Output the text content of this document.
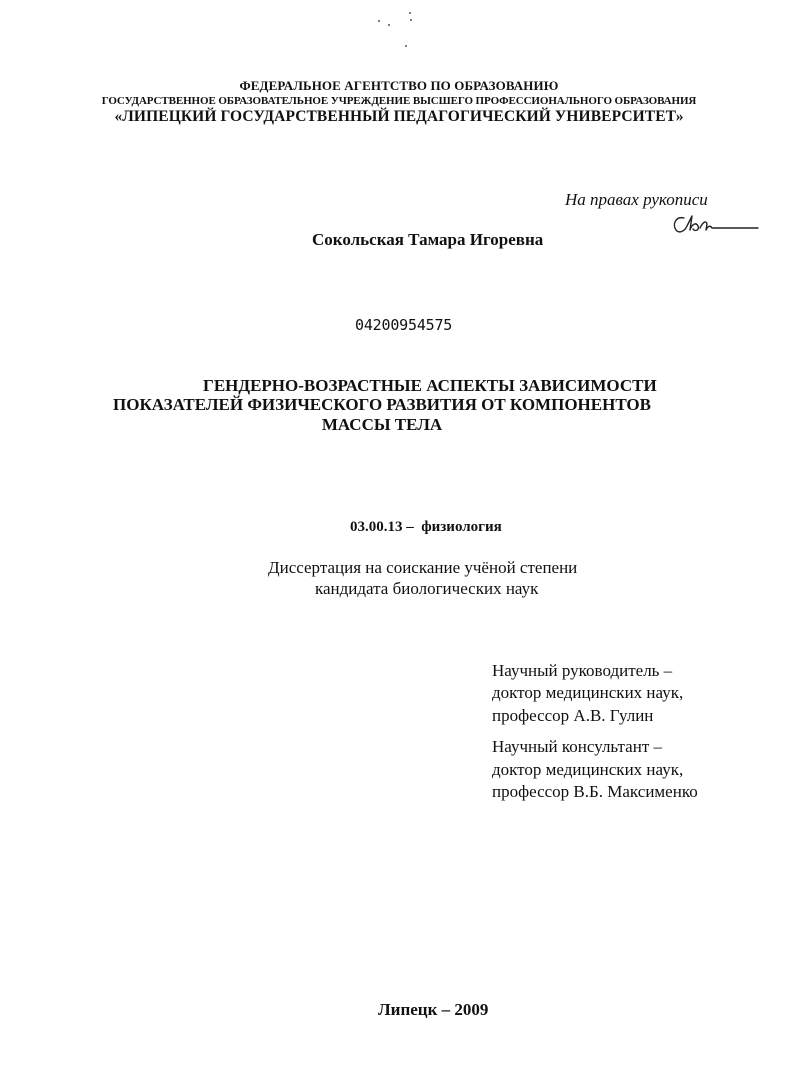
ФЕДЕРАЛЬНОЕ АГЕНТСТВО ПО ОБРАЗОВАНИЮ
ГОСУДАРСТВЕННОЕ ОБРАЗОВАТЕЛЬНОЕ УЧРЕЖДЕНИЕ ВЫСШЕГО ПРОФЕССИОНАЛЬНОГО ОБРАЗОВАНИЯ
«ЛИПЕЦКИЙ ГОСУДАРСТВЕННЫЙ ПЕДАГОГИЧЕСКИЙ УНИВЕРСИТЕТ»
На правах рукописи
Сокольская Тамара Игоревна
04200954575
ГЕНДЕРНО-ВОЗРАСТНЫЕ АСПЕКТЫ ЗАВИСИМОСТИ
ПОКАЗАТЕЛЕЙ ФИЗИЧЕСКОГО РАЗВИТИЯ ОТ КОМПОНЕНТОВ
МАССЫ ТЕЛА
03.00.13 – физиология
Диссертация на соискание учёной степени
кандидата биологических наук
Научный руководитель –
доктор медицинских наук,
профессор А.В. Гулин
Научный консультант –
доктор медицинских наук,
профессор В.Б. Максименко
Липецк – 2009
